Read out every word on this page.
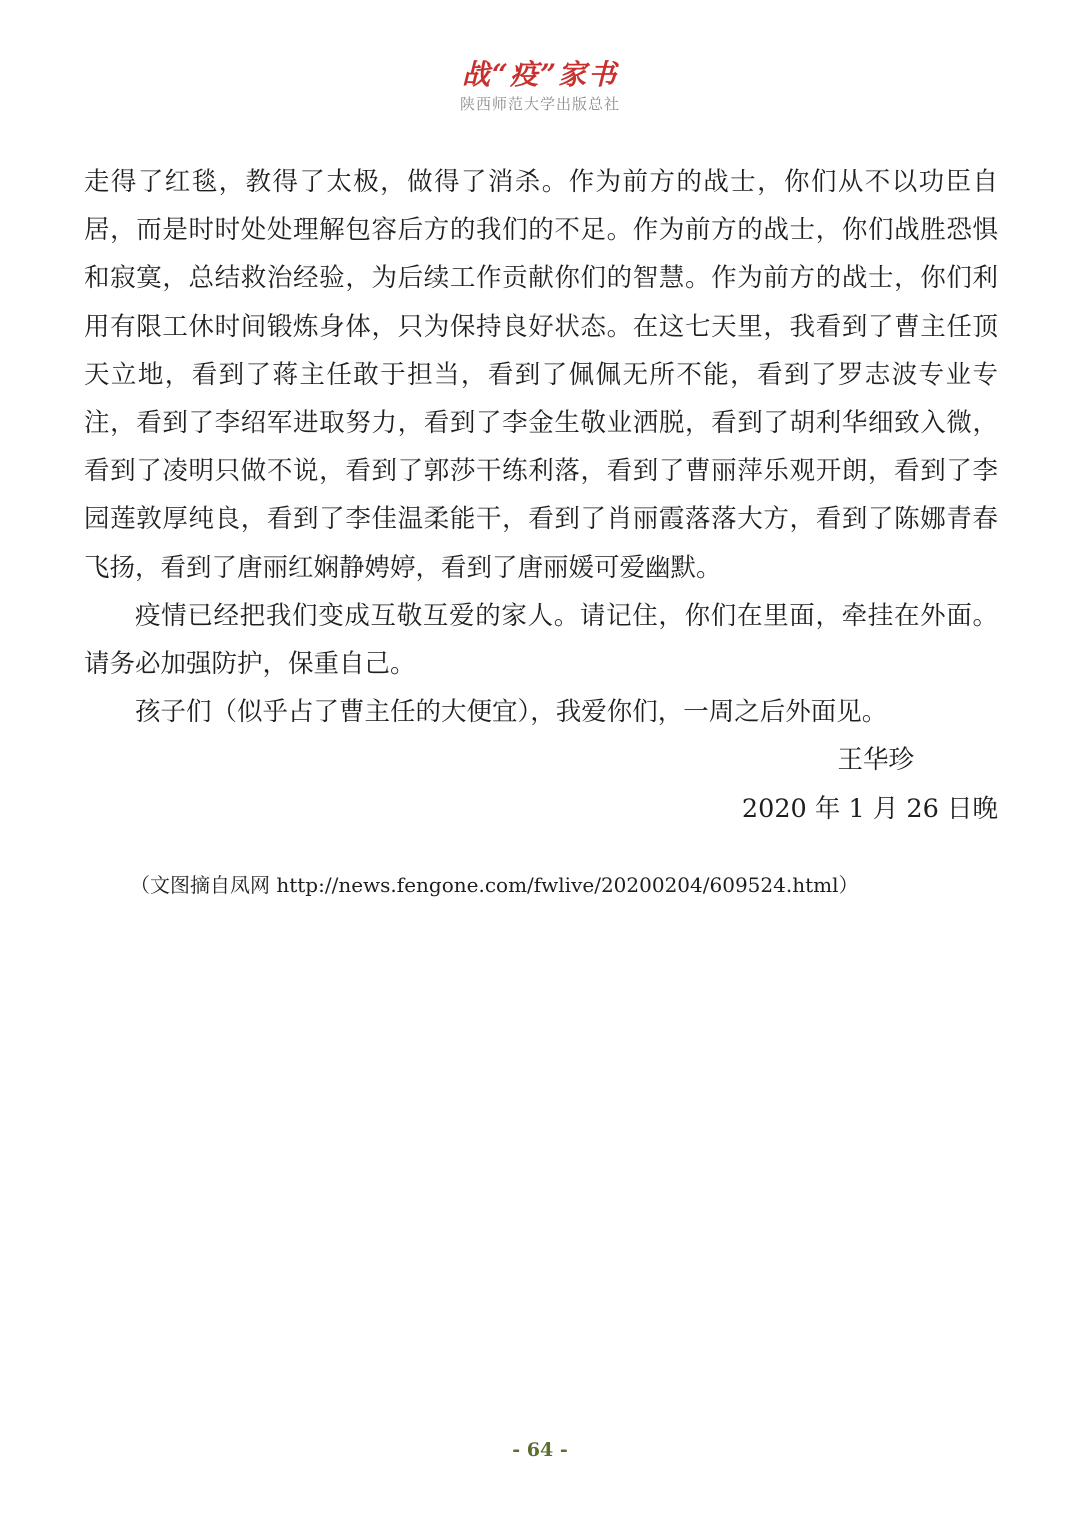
战“疫”家书
陕西师范大学出版总社

走得了红毯，教得了太极，做得了消杀。作为前方的战士，你们从不以功臣自居，而是时时处处理解包容后方的我们的不足。作为前方的战士，你们战胜恐惧和寂寞，总结救治经验，为后续工作贡献你们的智慧。作为前方的战士，你们利用有限工休时间锻炼身体，只为保持良好状态。在这七天里，我看到了曹主任顶天立地，看到了蒋主任敢于担当，看到了佩佩无所不能，看到了罗志波专业专注，看到了李绍军进取努力，看到了李金生敬业洒脱，看到了胡利华细致入微，看到了凌明只做不说，看到了郭莎干练利落，看到了曹丽萍乐观开朗，看到了李园莲敦厚纯良，看到了李佳温柔能干，看到了肖丽霞落落大方，看到了陈娜青春飞扬，看到了唐丽红娴静娉婷，看到了唐丽媛可爱幽默。

疫情已经把我们变成互敬互爱的家人。请记住，你们在里面，牵挂在外面。请务必加强防护，保重自己。

孩子们（似乎占了曹主任的大便宜），我爱你们，一周之后外面见。

王华珍
2020 年 1 月 26 日晚
（文图摘自凤网 http://news.fengone.com/fwlive/20200204/609524.html）
- 64 -
